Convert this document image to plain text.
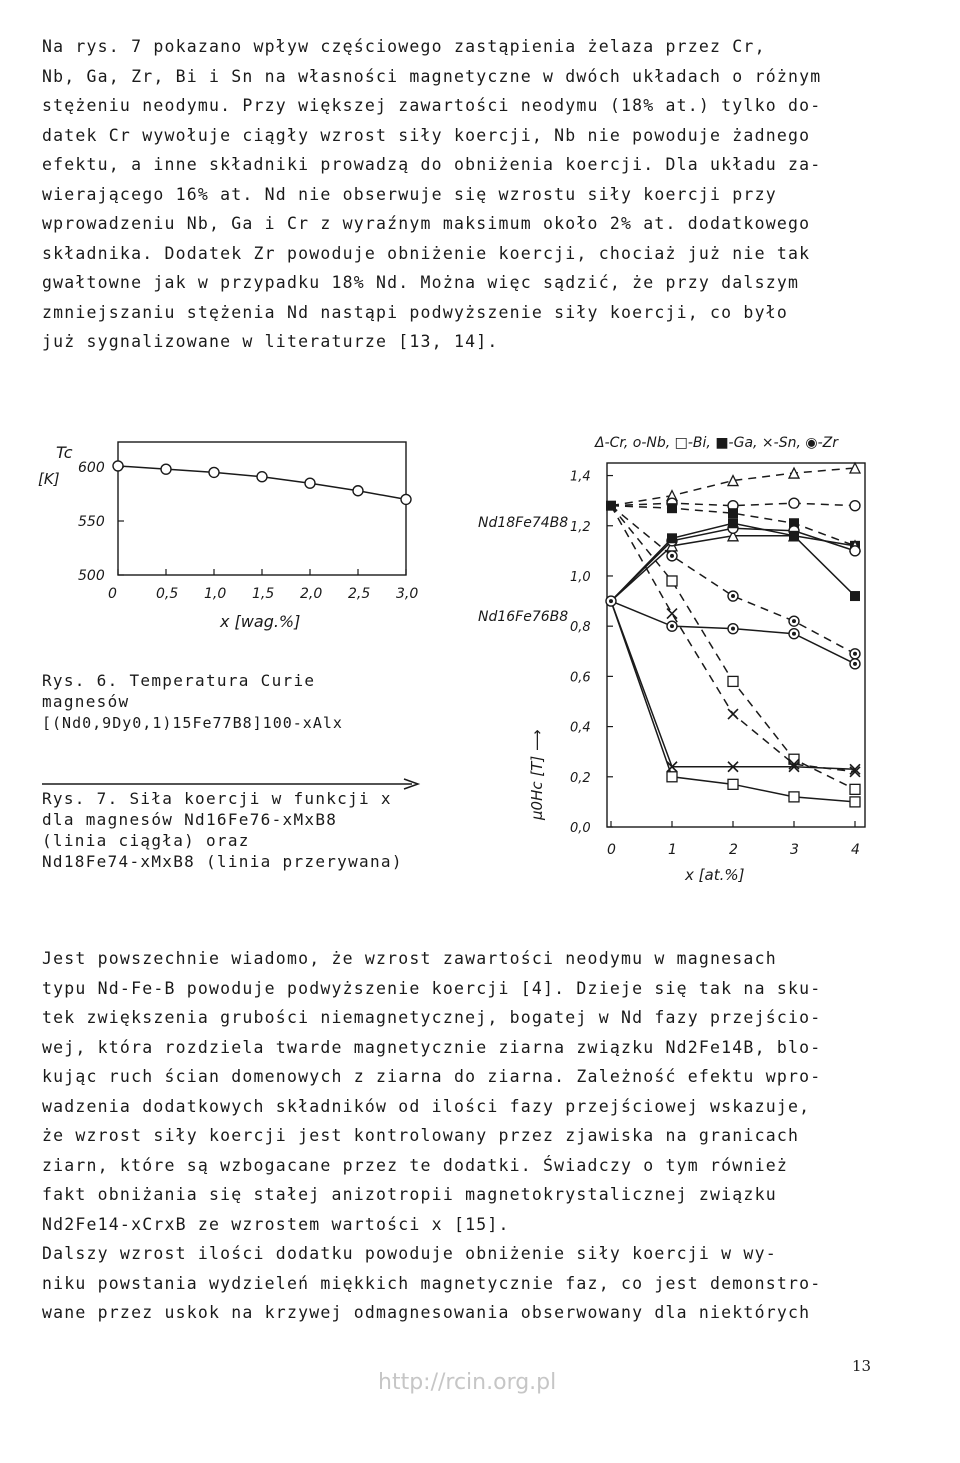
Na rys. 7 pokazano wpływ częściowego zastąpienia żelaza przez Cr,
Nb, Ga, Zr, Bi i Sn na własności magnetyczne w dwóch układach o różnym
stężeniu neodymu. Przy większej zawartości neodymu (18% at.) tylko do-
datek Cr wywołuje ciągły wzrost siły koercji, Nb nie powoduje żadnego
efektu, a inne składniki prowadzą do obniżenia koercji. Dla układu za-
wierającego 16% at. Nd nie obserwuje się wzrostu siły koercji przy
wprowadzeniu Nb, Ga i Cr z wyraźnym maksimum około 2% at. dodatkowego
składnika. Dodatek Zr powoduje obniżenie koercji, chociaż już nie tak
gwałtowne jak w przypadku 18% Nd. Można więc sądzić, że przy dalszym
zmniejszaniu stężenia Nd nastąpi podwyższenie siły koercji, co było
już sygnalizowane w literaturze [13, 14].
0	0,5 1,0 1,5 2,0 2,5 3,0
500
550
600
Tc
[K]
x [wag.%]
Rys. 6. Temperatura Curie
magnesów
[(Nd0,9Dy0,1)15Fe77B8]100-xAlx
Rys. 7. Siła koercji w funkcji x
dla magnesów Nd16Fe76-xMxB8
(linia ciągła) oraz
Nd18Fe74-xMxB8 (linia przerywana)
0	1	2	3	4
0,0
0,2
0,4
0,6
0,8
1,0
1,2
1,4
Δ-Cr, o-Nb, □-Bi, ■-Ga, ×-Sn, ◉-Zr
Nd18Fe74B8
Nd16Fe76B8
x [at.%]
μ0Hc [T] ⟶
Jest powszechnie wiadomo, że wzrost zawartości neodymu w magnesach
typu Nd-Fe-B powoduje podwyższenie koercji [4]. Dzieje się tak na sku-
tek zwiększenia grubości niemagnetycznej, bogatej w Nd fazy przejścio-
wej, która rozdziela twarde magnetycznie ziarna związku Nd2Fe14B, blo-
kując ruch ścian domenowych z ziarna do ziarna. Zależność efektu wpro-
wadzenia dodatkowych składników od ilości fazy przejściowej wskazuje,
że wzrost siły koercji jest kontrolowany przez zjawiska na granicach
ziarn, które są wzbogacane przez te dodatki. Świadczy o tym również
fakt obniżania się stałej anizotropii magnetokrystalicznej związku
Nd2Fe14-xCrxB ze wzrostem wartości x [15].
Dalszy wzrost ilości dodatku powoduje obniżenie siły koercji w wy-
niku powstania wydzieleń miękkich magnetycznie faz, co jest demonstro-
wane przez uskok na krzywej odmagnesowania obserwowany dla niektórych
13
http://rcin.org.pl
